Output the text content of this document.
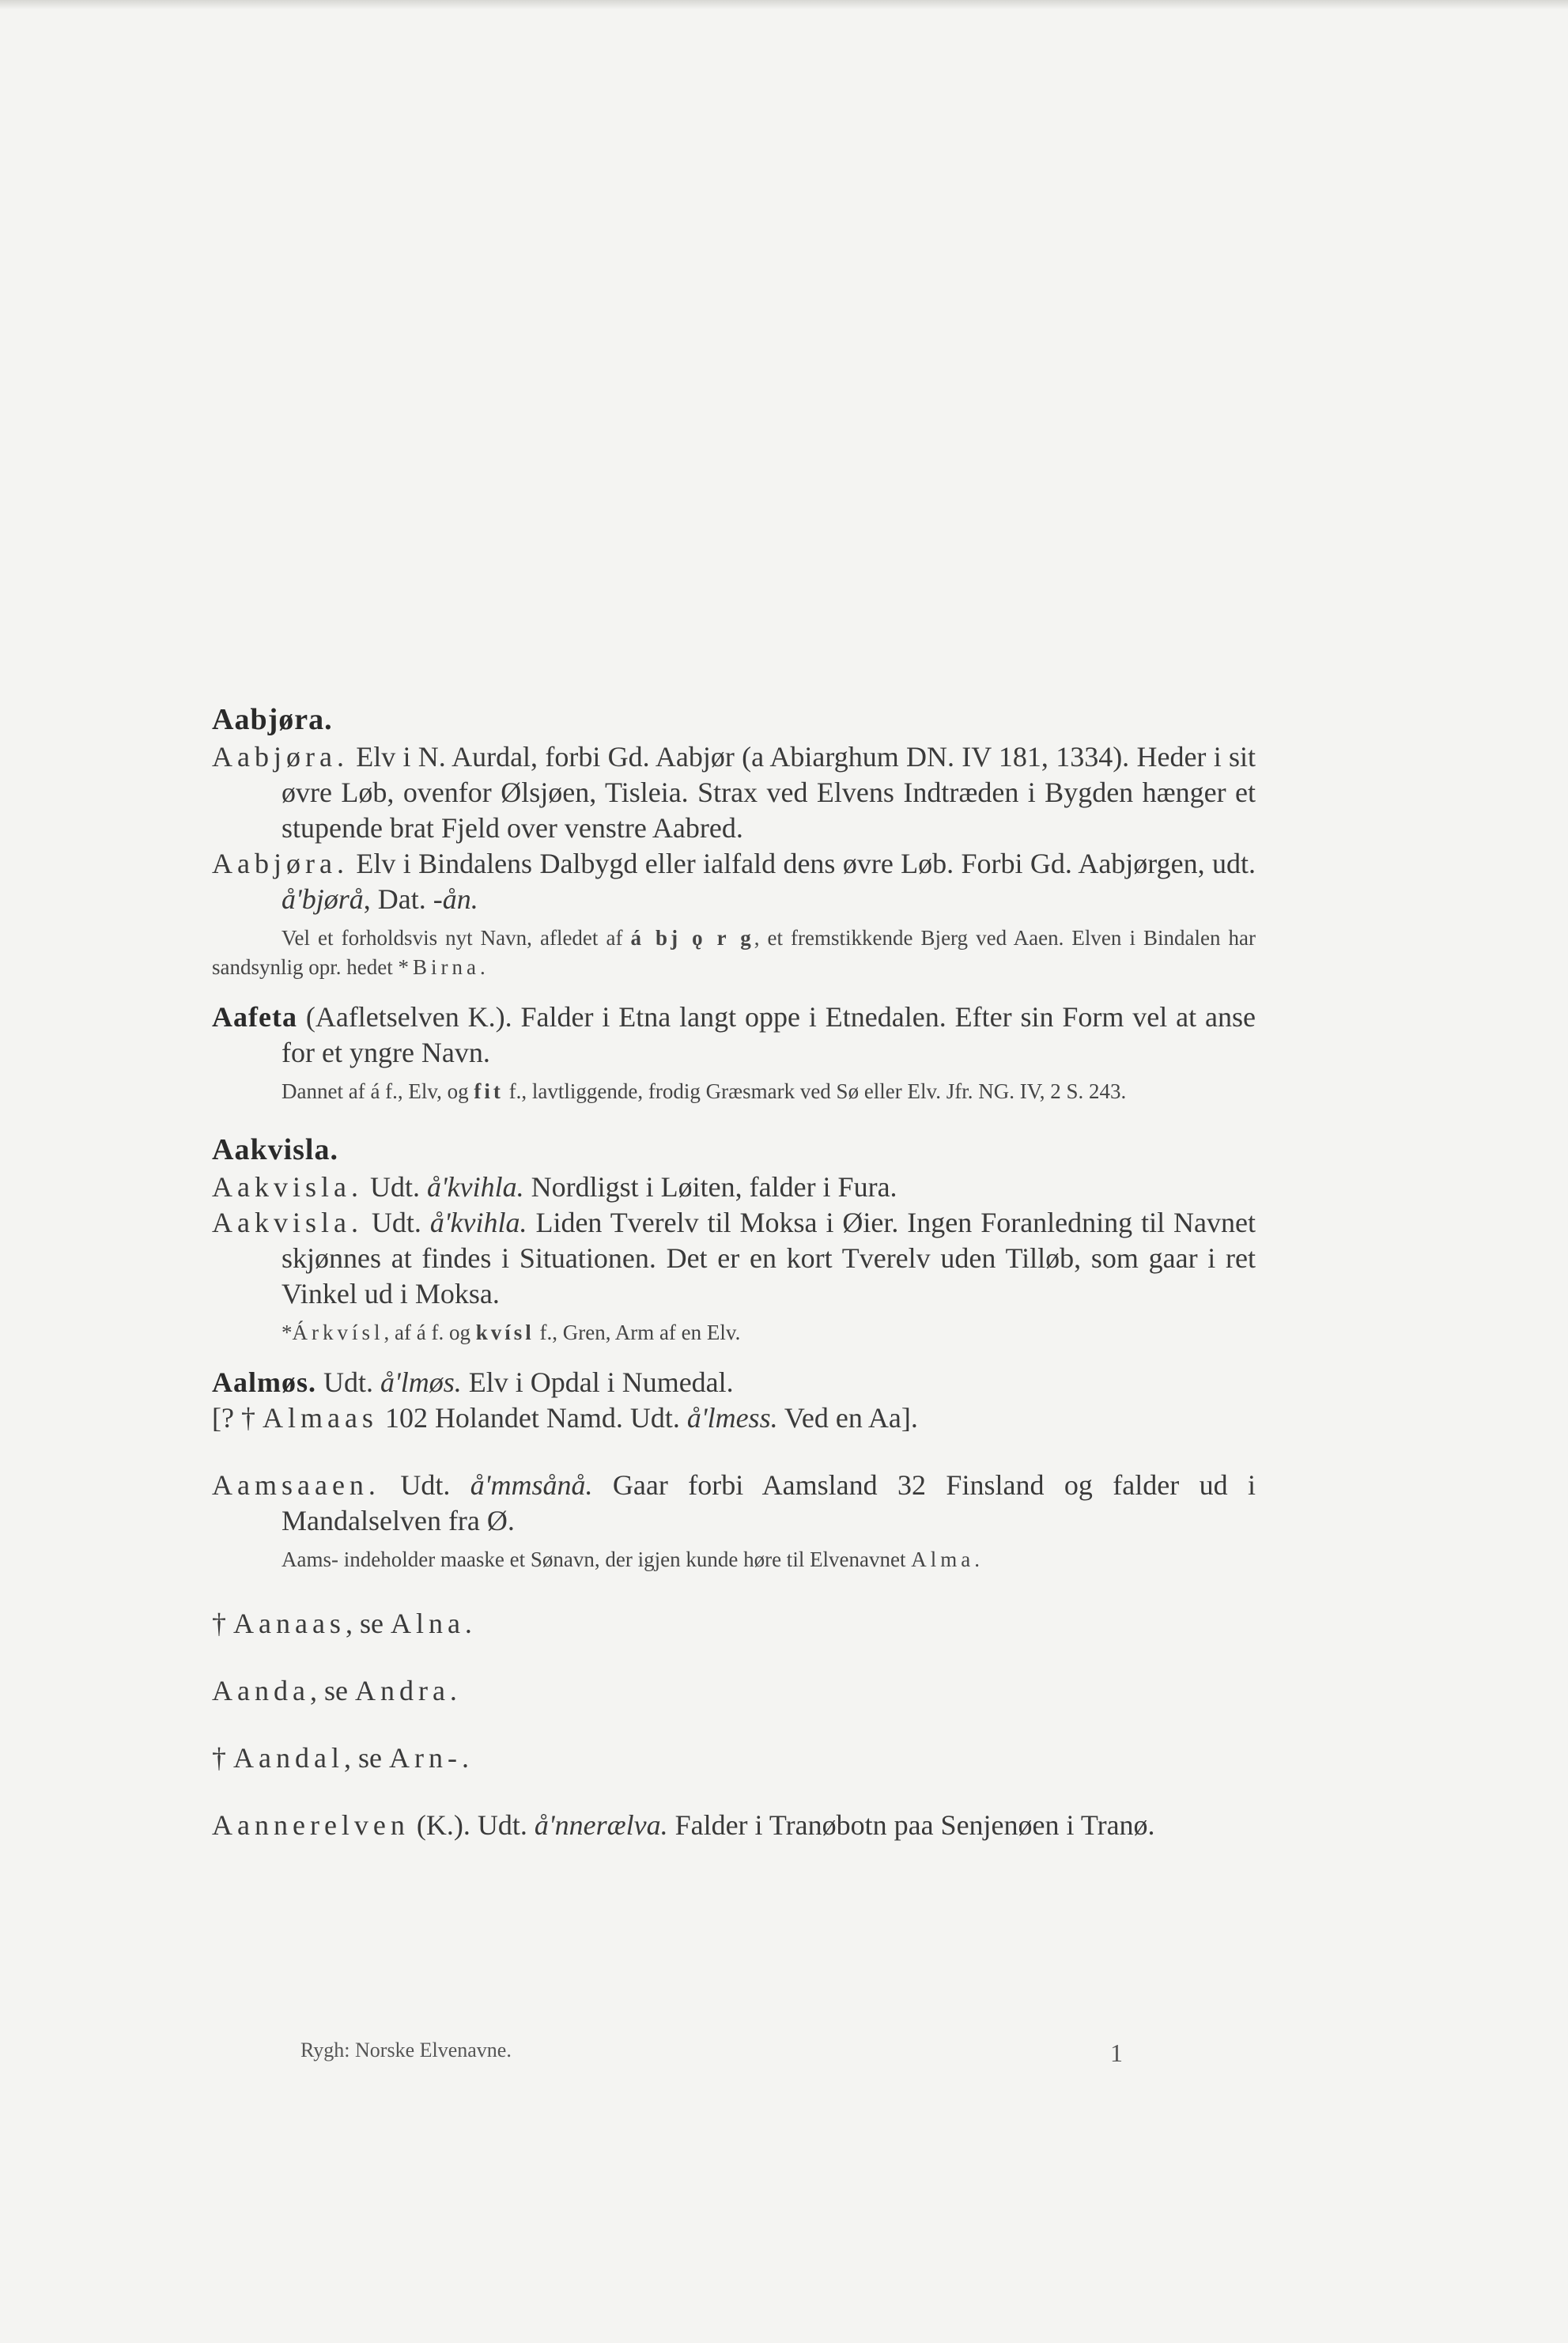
Aabjøra.
Aabjøra. Elv i N. Aurdal, forbi Gd. Aabjør (a Abiarghum DN. IV 181, 1334). Heder i sit øvre Løb, ovenfor Ølsjøen, Tisleia. Strax ved Elvens Indtræden i Bygden hænger et stupende brat Fjeld over venstre Aabred.
Aabjøra. Elv i Bindalens Dalbygd eller ialfald dens øvre Løb. Forbi Gd. Aabjørgen, udt. å'bjørå, Dat. -ån.
Vel et forholdsvis nyt Navn, afledet af á bj ǫ r g, et fremstikkende Bjerg ved Aaen. Elven i Bindalen har sandsynlig opr. hedet *Birna.
Aafeta (Aafletselven K.). Falder i Etna langt oppe i Etnedalen. Efter sin Form vel at anse for et yngre Navn.
Dannet af á f., Elv, og fit f., lavtliggende, frodig Græsmark ved Sø eller Elv. Jfr. NG. IV, 2 S. 243.
Aakvisla.
Aakvisla. Udt. å'kvihla. Nordligst i Løiten, falder i Fura.
Aakvisla. Udt. å'kvihla. Liden Tverelv til Moksa i Øier. Ingen Foranledning til Navnet skjønnes at findes i Situationen. Det er en kort Tverelv uden Tilløb, som gaar i ret Vinkel ud i Moksa.
*Árkvísl, af á f. og kvísl f., Gren, Arm af en Elv.
Aalmøs. Udt. å'lmøs. Elv i Opdal i Numedal.
[? † Almaas 102 Holandet Namd. Udt. å'lmess. Ved en Aa].
Aamsaaen. Udt. å'mmsånå. Gaar forbi Aamsland 32 Finsland og falder ud i Mandalselven fra Ø.
Aams- indeholder maaske et Sønavn, der igjen kunde høre til Elvenavnet Alma.
† Aanaas, se Alna.
Aanda, se Andra.
† Aandal, se Arn-.
Aannerelven (K.). Udt. å'nnerælva. Falder i Tranøbotn paa Senjenøen i Tranø.
Rygh: Norske Elvenavne.	1
